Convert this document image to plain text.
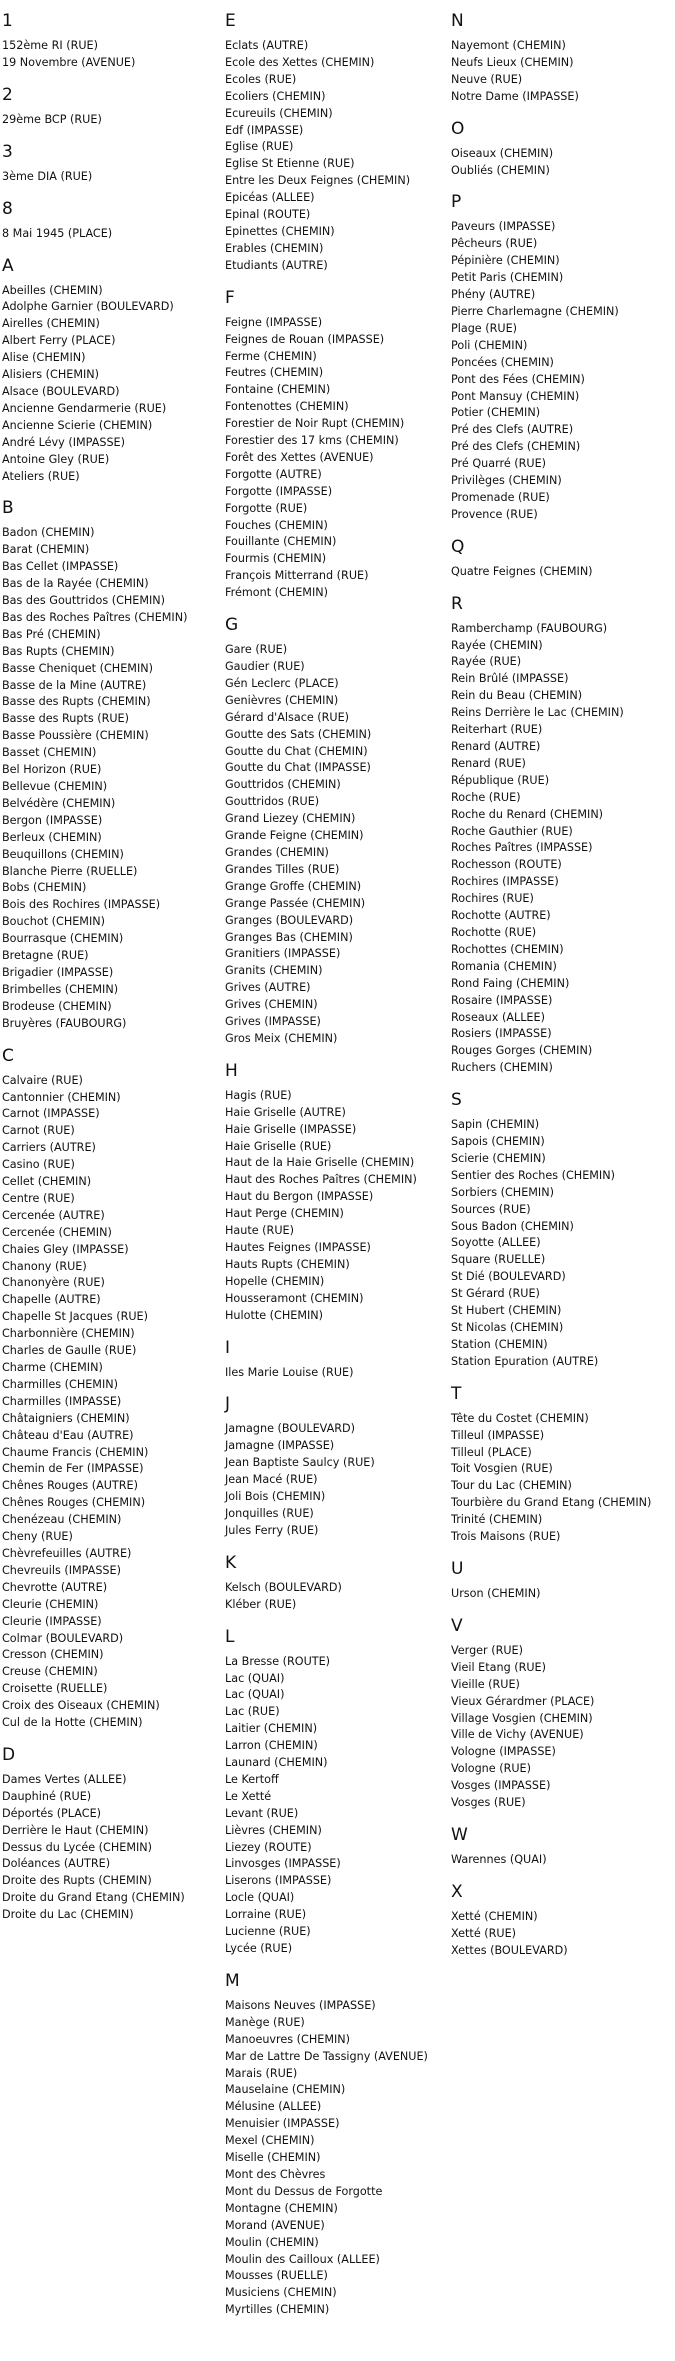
1
152ème RI (RUE)
19 Novembre (AVENUE)
2
29ème BCP (RUE)
3
3ème DIA (RUE)
8
8 Mai 1945 (PLACE)
A
Abeilles (CHEMIN)
Adolphe Garnier (BOULEVARD)
Airelles (CHEMIN)
Albert Ferry (PLACE)
Alise (CHEMIN)
Alisiers (CHEMIN)
Alsace (BOULEVARD)
Ancienne Gendarmerie (RUE)
Ancienne Scierie (CHEMIN)
André Lévy (IMPASSE)
Antoine Gley (RUE)
Ateliers (RUE)
B
Badon (CHEMIN)
Barat (CHEMIN)
Bas Cellet (IMPASSE)
Bas de la Rayée (CHEMIN)
Bas des Gouttridos (CHEMIN)
Bas des Roches Paîtres (CHEMIN)
Bas Pré (CHEMIN)
Bas Rupts (CHEMIN)
Basse Cheniquet (CHEMIN)
Basse de la Mine (AUTRE)
Basse des Rupts (CHEMIN)
Basse des Rupts (RUE)
Basse Poussière (CHEMIN)
Basset (CHEMIN)
Bel Horizon (RUE)
Bellevue (CHEMIN)
Belvédère (CHEMIN)
Bergon (IMPASSE)
Berleux (CHEMIN)
Beuquillons (CHEMIN)
Blanche Pierre (RUELLE)
Bobs (CHEMIN)
Bois des Rochires (IMPASSE)
Bouchot (CHEMIN)
Bourrasque (CHEMIN)
Bretagne (RUE)
Brigadier (IMPASSE)
Brimbelles (CHEMIN)
Brodeuse (CHEMIN)
Bruyères (FAUBOURG)
C
Calvaire (RUE)
Cantonnier (CHEMIN)
Carnot (IMPASSE)
Carnot (RUE)
Carriers (AUTRE)
Casino (RUE)
Cellet (CHEMIN)
Centre (RUE)
Cercenée (AUTRE)
Cercenée (CHEMIN)
Chaies Gley (IMPASSE)
Chanony (RUE)
Chanonyère (RUE)
Chapelle (AUTRE)
Chapelle St Jacques (RUE)
Charbonnière (CHEMIN)
Charles de Gaulle (RUE)
Charme (CHEMIN)
Charmilles (CHEMIN)
Charmilles (IMPASSE)
Châtaigniers (CHEMIN)
Château d'Eau (AUTRE)
Chaume Francis (CHEMIN)
Chemin de Fer (IMPASSE)
Chênes Rouges (AUTRE)
Chênes Rouges (CHEMIN)
Chenézeau (CHEMIN)
Cheny (RUE)
Chèvrefeuilles (AUTRE)
Chevreuils (IMPASSE)
Chevrotte (AUTRE)
Cleurie (CHEMIN)
Cleurie (IMPASSE)
Colmar (BOULEVARD)
Cresson (CHEMIN)
Creuse (CHEMIN)
Croisette (RUELLE)
Croix des Oiseaux (CHEMIN)
Cul de la Hotte (CHEMIN)
D
Dames Vertes (ALLEE)
Dauphiné (RUE)
Déportés (PLACE)
Derrière le Haut (CHEMIN)
Dessus du Lycée (CHEMIN)
Doléances (AUTRE)
Droite des Rupts (CHEMIN)
Droite du Grand Etang (CHEMIN)
Droite du Lac (CHEMIN)
E
Eclats (AUTRE)
Ecole des Xettes (CHEMIN)
Ecoles (RUE)
Ecoliers (CHEMIN)
Ecureuils (CHEMIN)
Edf (IMPASSE)
Eglise (RUE)
Eglise St Etienne (RUE)
Entre les Deux Feignes (CHEMIN)
Epicéas (ALLEE)
Epinal (ROUTE)
Epinettes (CHEMIN)
Erables (CHEMIN)
Etudiants (AUTRE)
F
Feigne (IMPASSE)
Feignes de Rouan (IMPASSE)
Ferme (CHEMIN)
Feutres (CHEMIN)
Fontaine (CHEMIN)
Fontenottes (CHEMIN)
Forestier de Noir Rupt (CHEMIN)
Forestier des 17 kms (CHEMIN)
Forêt des Xettes (AVENUE)
Forgotte (AUTRE)
Forgotte (IMPASSE)
Forgotte (RUE)
Fouches (CHEMIN)
Fouillante (CHEMIN)
Fourmis (CHEMIN)
François Mitterrand (RUE)
Frémont (CHEMIN)
G
Gare (RUE)
Gaudier (RUE)
Gén Leclerc (PLACE)
Genièvres (CHEMIN)
Gérard d'Alsace (RUE)
Goutte des Sats (CHEMIN)
Goutte du Chat (CHEMIN)
Goutte du Chat (IMPASSE)
Gouttridos (CHEMIN)
Gouttridos (RUE)
Grand Liezey (CHEMIN)
Grande Feigne (CHEMIN)
Grandes (CHEMIN)
Grandes Tilles (RUE)
Grange Groffe (CHEMIN)
Grange Passée (CHEMIN)
Granges (BOULEVARD)
Granges Bas (CHEMIN)
Granitiers (IMPASSE)
Granits (CHEMIN)
Grives (AUTRE)
Grives (CHEMIN)
Grives (IMPASSE)
Gros Meix (CHEMIN)
H
Hagis (RUE)
Haie Griselle (AUTRE)
Haie Griselle (IMPASSE)
Haie Griselle (RUE)
Haut de la Haie Griselle (CHEMIN)
Haut des Roches Paîtres (CHEMIN)
Haut du Bergon (IMPASSE)
Haut Perge (CHEMIN)
Haute (RUE)
Hautes Feignes (IMPASSE)
Hauts Rupts (CHEMIN)
Hopelle (CHEMIN)
Housseramont (CHEMIN)
Hulotte (CHEMIN)
I
Iles Marie Louise (RUE)
J
Jamagne (BOULEVARD)
Jamagne (IMPASSE)
Jean Baptiste Saulcy (RUE)
Jean Macé (RUE)
Joli Bois (CHEMIN)
Jonquilles (RUE)
Jules Ferry (RUE)
K
Kelsch (BOULEVARD)
Kléber (RUE)
L
La Bresse (ROUTE)
Lac (QUAI)
Lac (QUAI)
Lac (RUE)
Laitier (CHEMIN)
Larron (CHEMIN)
Launard (CHEMIN)
Le Kertoff
Le Xetté
Levant (RUE)
Lièvres (CHEMIN)
Liezey (ROUTE)
Linvosges (IMPASSE)
Liserons (IMPASSE)
Locle (QUAI)
Lorraine (RUE)
Lucienne (RUE)
Lycée (RUE)
M
Maisons Neuves (IMPASSE)
Manège (RUE)
Manoeuvres (CHEMIN)
Mar de Lattre De Tassigny (AVENUE)
Marais (RUE)
Mauselaine (CHEMIN)
Mélusine (ALLEE)
Menuisier (IMPASSE)
Mexel (CHEMIN)
Miselle (CHEMIN)
Mont des Chèvres
Mont du Dessus de Forgotte
Montagne (CHEMIN)
Morand (AVENUE)
Moulin (CHEMIN)
Moulin des Cailloux (ALLEE)
Mousses (RUELLE)
Musiciens (CHEMIN)
Myrtilles (CHEMIN)
N
Nayemont (CHEMIN)
Neufs Lieux (CHEMIN)
Neuve (RUE)
Notre Dame (IMPASSE)
O
Oiseaux (CHEMIN)
Oubliés (CHEMIN)
P
Paveurs (IMPASSE)
Pêcheurs (RUE)
Pépinière (CHEMIN)
Petit Paris (CHEMIN)
Phény (AUTRE)
Pierre Charlemagne (CHEMIN)
Plage (RUE)
Poli (CHEMIN)
Poncées (CHEMIN)
Pont des Fées (CHEMIN)
Pont Mansuy (CHEMIN)
Potier (CHEMIN)
Pré des Clefs (AUTRE)
Pré des Clefs (CHEMIN)
Pré Quarré (RUE)
Privilèges (CHEMIN)
Promenade (RUE)
Provence (RUE)
Q
Quatre Feignes (CHEMIN)
R
Ramberchamp (FAUBOURG)
Rayée (CHEMIN)
Rayée (RUE)
Rein Brûlé (IMPASSE)
Rein du Beau (CHEMIN)
Reins Derrière le Lac (CHEMIN)
Reiterhart (RUE)
Renard (AUTRE)
Renard (RUE)
République (RUE)
Roche (RUE)
Roche du Renard (CHEMIN)
Roche Gauthier (RUE)
Roches Paîtres (IMPASSE)
Rochesson (ROUTE)
Rochires (IMPASSE)
Rochires (RUE)
Rochotte (AUTRE)
Rochotte (RUE)
Rochottes (CHEMIN)
Romania (CHEMIN)
Rond Faing (CHEMIN)
Rosaire (IMPASSE)
Roseaux (ALLEE)
Rosiers (IMPASSE)
Rouges Gorges (CHEMIN)
Ruchers (CHEMIN)
S
Sapin (CHEMIN)
Sapois (CHEMIN)
Scierie (CHEMIN)
Sentier des Roches (CHEMIN)
Sorbiers (CHEMIN)
Sources (RUE)
Sous Badon (CHEMIN)
Soyotte (ALLEE)
Square (RUELLE)
St Dié (BOULEVARD)
St Gérard (RUE)
St Hubert (CHEMIN)
St Nicolas (CHEMIN)
Station (CHEMIN)
Station Epuration (AUTRE)
T
Tête du Costet (CHEMIN)
Tilleul (IMPASSE)
Tilleul (PLACE)
Toit Vosgien (RUE)
Tour du Lac (CHEMIN)
Tourbière du Grand Etang (CHEMIN)
Trinité (CHEMIN)
Trois Maisons (RUE)
U
Urson (CHEMIN)
V
Verger (RUE)
Vieil Etang (RUE)
Vieille (RUE)
Vieux Gérardmer (PLACE)
Village Vosgien (CHEMIN)
Ville de Vichy (AVENUE)
Vologne (IMPASSE)
Vologne (RUE)
Vosges (IMPASSE)
Vosges (RUE)
W
Warennes (QUAI)
X
Xetté (CHEMIN)
Xetté (RUE)
Xettes (BOULEVARD)
